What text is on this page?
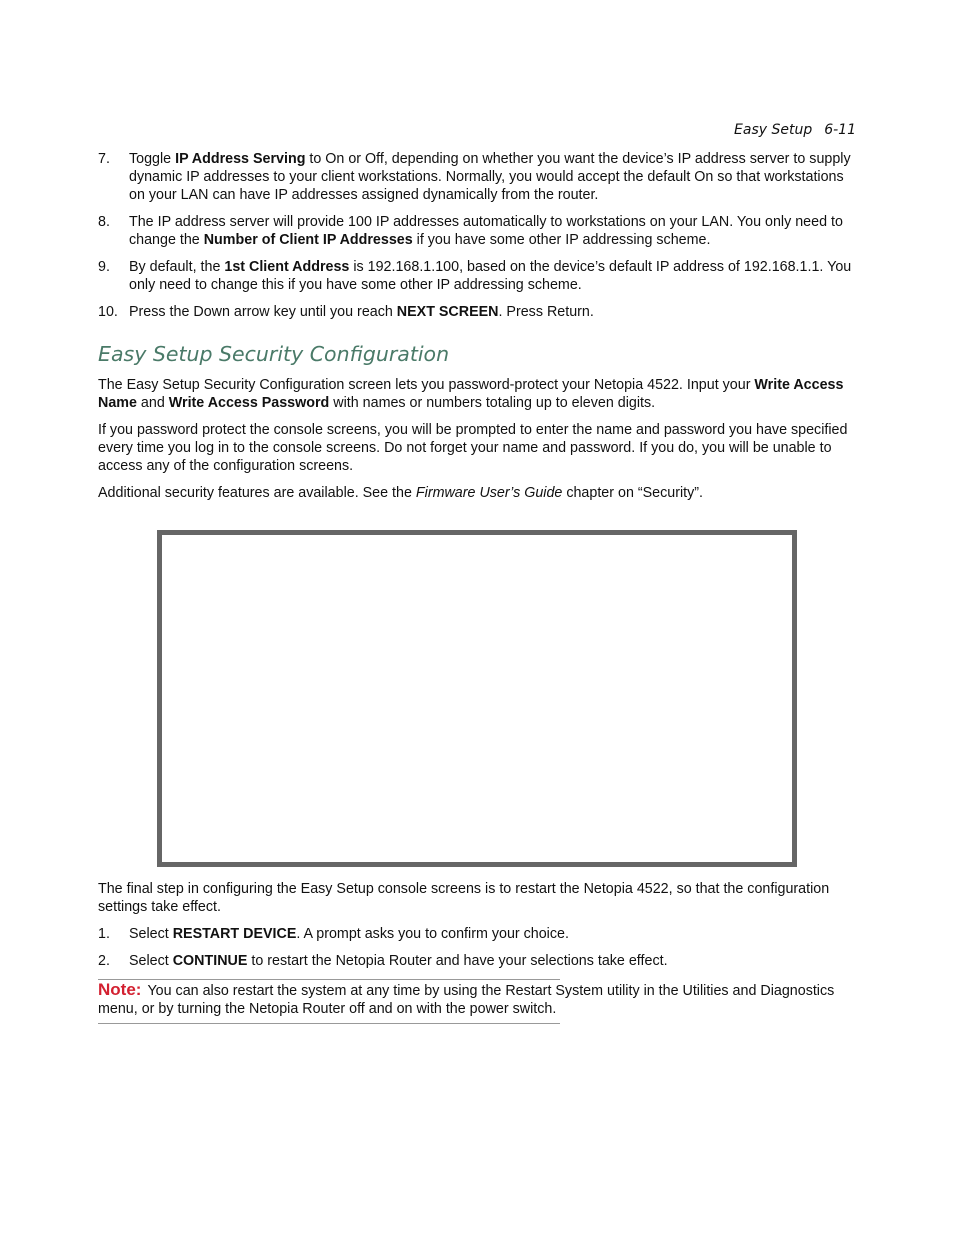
Easy Setup 6-11
7. Toggle IP Address Serving to On or Off, depending on whether you want the device’s IP address server to supply dynamic IP addresses to your client workstations. Normally, you would accept the default On so that workstations on your LAN can have IP addresses assigned dynamically from the router.
8. The IP address server will provide 100 IP addresses automatically to workstations on your LAN. You only need to change the Number of Client IP Addresses if you have some other IP addressing scheme.
9. By default, the 1st Client Address is 192.168.1.100, based on the device’s default IP address of 192.168.1.1. You only need to change this if you have some other IP addressing scheme.
10. Press the Down arrow key until you reach NEXT SCREEN. Press Return.
Easy Setup Security Configuration

The Easy Setup Security Configuration screen lets you password-protect your Netopia 4522. Input your Write Access Name and Write Access Password with names or numbers totaling up to eleven digits.

If you password protect the console screens, you will be prompted to enter the name and password you have specified every time you log in to the console screens. Do not forget your name and password. If you do, you will be unable to access any of the configuration screens.

Additional security features are available. See the Firmware User’s Guide chapter on “Security”.

The final step in configuring the Easy Setup console screens is to restart the Netopia 4522, so that the configuration settings take effect.

1. Select RESTART DEVICE. A prompt asks you to confirm your choice.
2. Select CONTINUE to restart the Netopia Router and have your selections take effect.
Note: You can also restart the system at any time by using the Restart System utility in the Utilities and Diagnostics menu, or by turning the Netopia Router off and on with the power switch.
